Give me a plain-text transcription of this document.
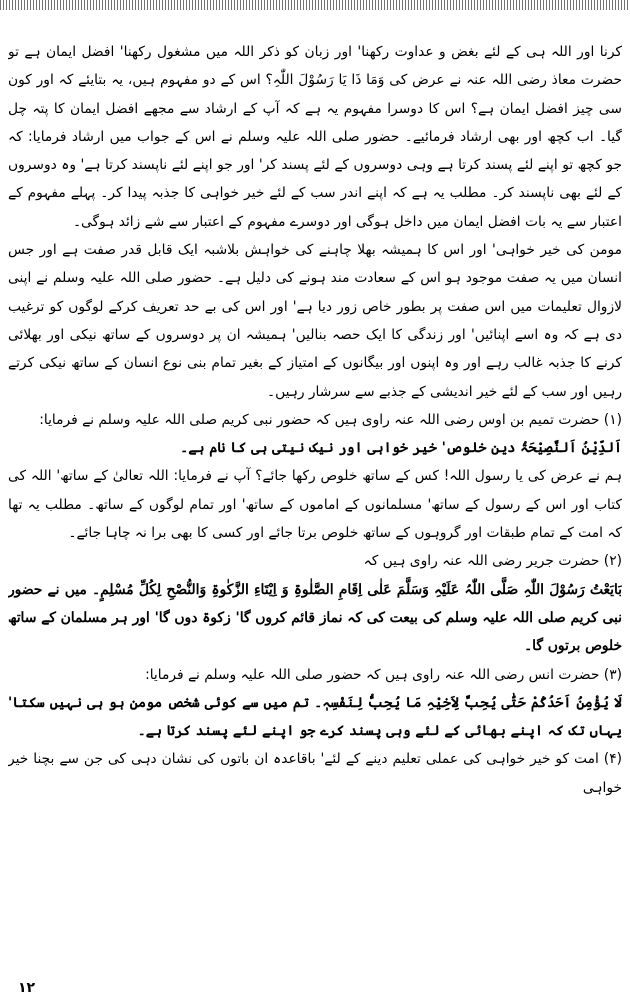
کرنا اور اللہ ہی کے لئے بغض و عداوت رکھنا' اور زبان کو ذکر اللہ میں مشغول رکھنا' افضل ایمان ہے تو حضرت معاذ رضی اللہ عنہ نے عرض کی وَمَا ذَا یَا رَسُوْلَ اللّٰہِ؟ اس کے دو مفہوم ہیں، یہ بتایئے کہ اور کون سی چیز افضل ایمان ہے؟ اس کا دوسرا مفہوم یہ ہے کہ آپ کے ارشاد سے مجھے افضل ایمان کا پتہ چل گیا۔ اب کچھ اور بھی ارشاد فرمائیے۔ حضور صلی اللہ علیہ وسلم نے اس کے جواب میں ارشاد فرمایا: کہ جو کچھ تو اپنے لئے پسند کرتا ہے وہی دوسروں کے لئے پسند کر' اور جو اپنے لئے ناپسند کرتا ہے' وہ دوسروں کے لئے بھی ناپسند کر۔ مطلب یہ ہے کہ اپنے اندر سب کے لئے خیر خواہی کا جذبہ پیدا کر۔ پہلے مفہوم کے اعتبار سے یہ بات افضل ایمان میں داخل ہوگی اور دوسرے مفہوم کے اعتبار سے شے زائد ہوگی۔

مومن کی خیر خواہی' اور اس کا ہمیشہ بھلا چاہنے کی خواہش بلاشبہ ایک قابل قدر صفت ہے اور جس انسان میں یہ صفت موجود ہو اس کے سعادت مند ہونے کی دلیل ہے۔ حضور صلی اللہ علیہ وسلم نے اپنی لازوال تعلیمات میں اس صفت پر بطور خاص زور دیا ہے' اور اس کی بے حد تعریف کرکے لوگوں کو ترغیب دی ہے کہ وہ اسے اپنائیں' اور زندگی کا ایک حصہ بنالیں' ہمیشہ ان پر دوسروں کے ساتھ نیکی اور بھلائی کرنے کا جذبہ غالب رہے اور وہ اپنوں اور بیگانوں کے امتیاز کے بغیر تمام بنی نوع انسان کے ساتھ نیکی کرتے رہیں اور سب کے لئے خیر اندیشی کے جذبے سے سرشار رہیں۔

(۱) حضرت تمیم بن اوس رضی اللہ عنہ راوی ہیں کہ حضور نبی کریم صلی اللہ علیہ وسلم نے فرمایا:

اَلدِّیْنُ اَلنَّصِیْحَۃُ دین خلوص' خیر خواہی اور نیک نیتی ہی کا نام ہے۔

ہم نے عرض کی یا رسول اللہ! کس کے ساتھ خلوص رکھا جائے؟ آپ نے فرمایا: اللہ تعالیٰ کے ساتھ' اللہ کی کتاب اور اس کے رسول کے ساتھ' مسلمانوں کے اماموں کے ساتھ' اور تمام لوگوں کے ساتھ۔ مطلب یہ تھا کہ امت کے تمام طبقات اور گروہوں کے ساتھ خلوص برتا جائے اور کسی کا بھی برا نہ چاہا جائے۔

(۲) حضرت جریر رضی اللہ عنہ راوی ہیں کہ

بَایَعْتُ رَسُوْلَ اللّٰہِ صَلَّی اللّٰہُ عَلَیْہِ وَسَلَّمَ عَلٰی اِقَامِ الصَّلٰوۃِ وَ اِیْتَاءِ الزَّکٰوۃِ وَالنُّصْحِ لِکُلِّ مُسْلِمٍ۔ میں نے حضور نبی کریم صلی اللہ علیہ وسلم کی بیعت کی کہ نماز قائم کروں گا' زکوۃ دوں گا' اور ہر مسلمان کے ساتھ خلوص برتوں گا۔

(۳) حضرت انس رضی اللہ عنہ راوی ہیں کہ حضور صلی اللہ علیہ وسلم نے فرمایا:

لَا یُؤْمِنُ اَحَدُکُمْ حَتّٰی یُحِبَّ لِاَخِیْہِ مَا یُحِبُّ لِنَفْسِہٖ۔ تم میں سے کوئی شخص مومن ہو ہی نہیں سکتا' یہاں تک کہ اپنے بھائی کے لئے وہی پسند کرے جو اپنے لئے پسند کرتا ہے۔

(۴) امت کو خیر خواہی کی عملی تعلیم دینے کے لئے' باقاعدہ ان باتوں کی نشان دہی کی جن سے بچنا خیر خواہی

۱۲
